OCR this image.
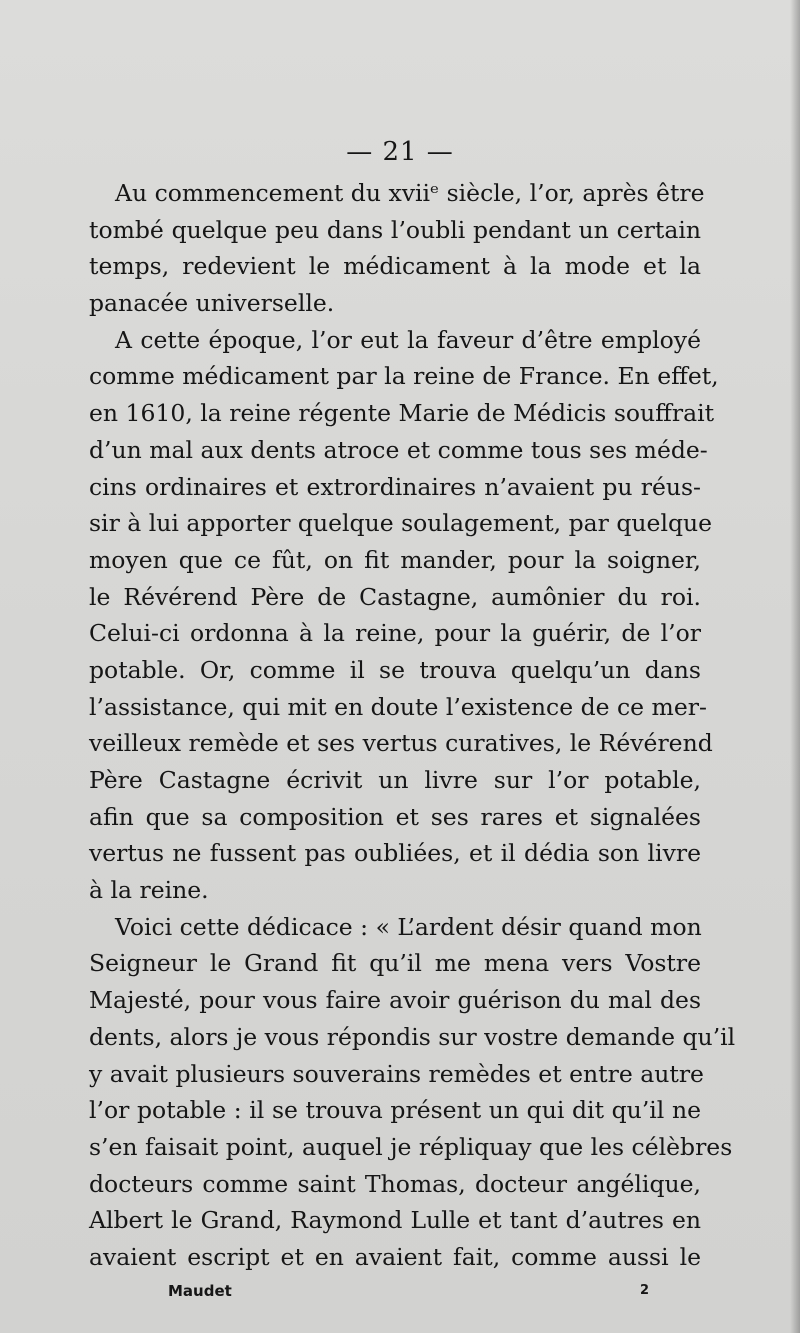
— 21 —
Au commencement du xviiᵉ siècle, l’or, après être
tombé quelque peu dans l’oubli pendant un certain
temps, redevient le médicament à la mode et la
panacée universelle.
A cette époque, l’or eut la faveur d’être employé
comme médicament par la reine de France. En effet,
en 1610, la reine régente Marie de Médicis souffrait
d’un mal aux dents atroce et comme tous ses méde-
cins ordinaires et extrordinaires n’avaient pu réus-
sir à lui apporter quelque soulagement, par quelque
moyen que ce fût, on fit mander, pour la soigner,
le Révérend Père de Castagne, aumônier du roi.
Celui-ci ordonna à la reine, pour la guérir, de l’or
potable. Or, comme il se trouva quelqu’un dans
l’assistance, qui mit en doute l’existence de ce mer-
veilleux remède et ses vertus curatives, le Révérend
Père Castagne écrivit un livre sur l’or potable,
afin que sa composition et ses rares et signalées
vertus ne fussent pas oubliées, et il dédia son livre
à la reine.
Voici cette dédicace : « L’ardent désir quand mon
Seigneur le Grand fit qu’il me mena vers Vostre
Majesté, pour vous faire avoir guérison du mal des
dents, alors je vous répondis sur vostre demande qu’il
y avait plusieurs souverains remèdes et entre autre
l’or potable : il se trouva présent un qui dit qu’il ne
s’en faisait point, auquel je répliquay que les célèbres
docteurs comme saint Thomas, docteur angélique,
Albert le Grand, Raymond Lulle et tant d’autres en
avaient escript et en avaient fait, comme aussi le
Maudet	2
